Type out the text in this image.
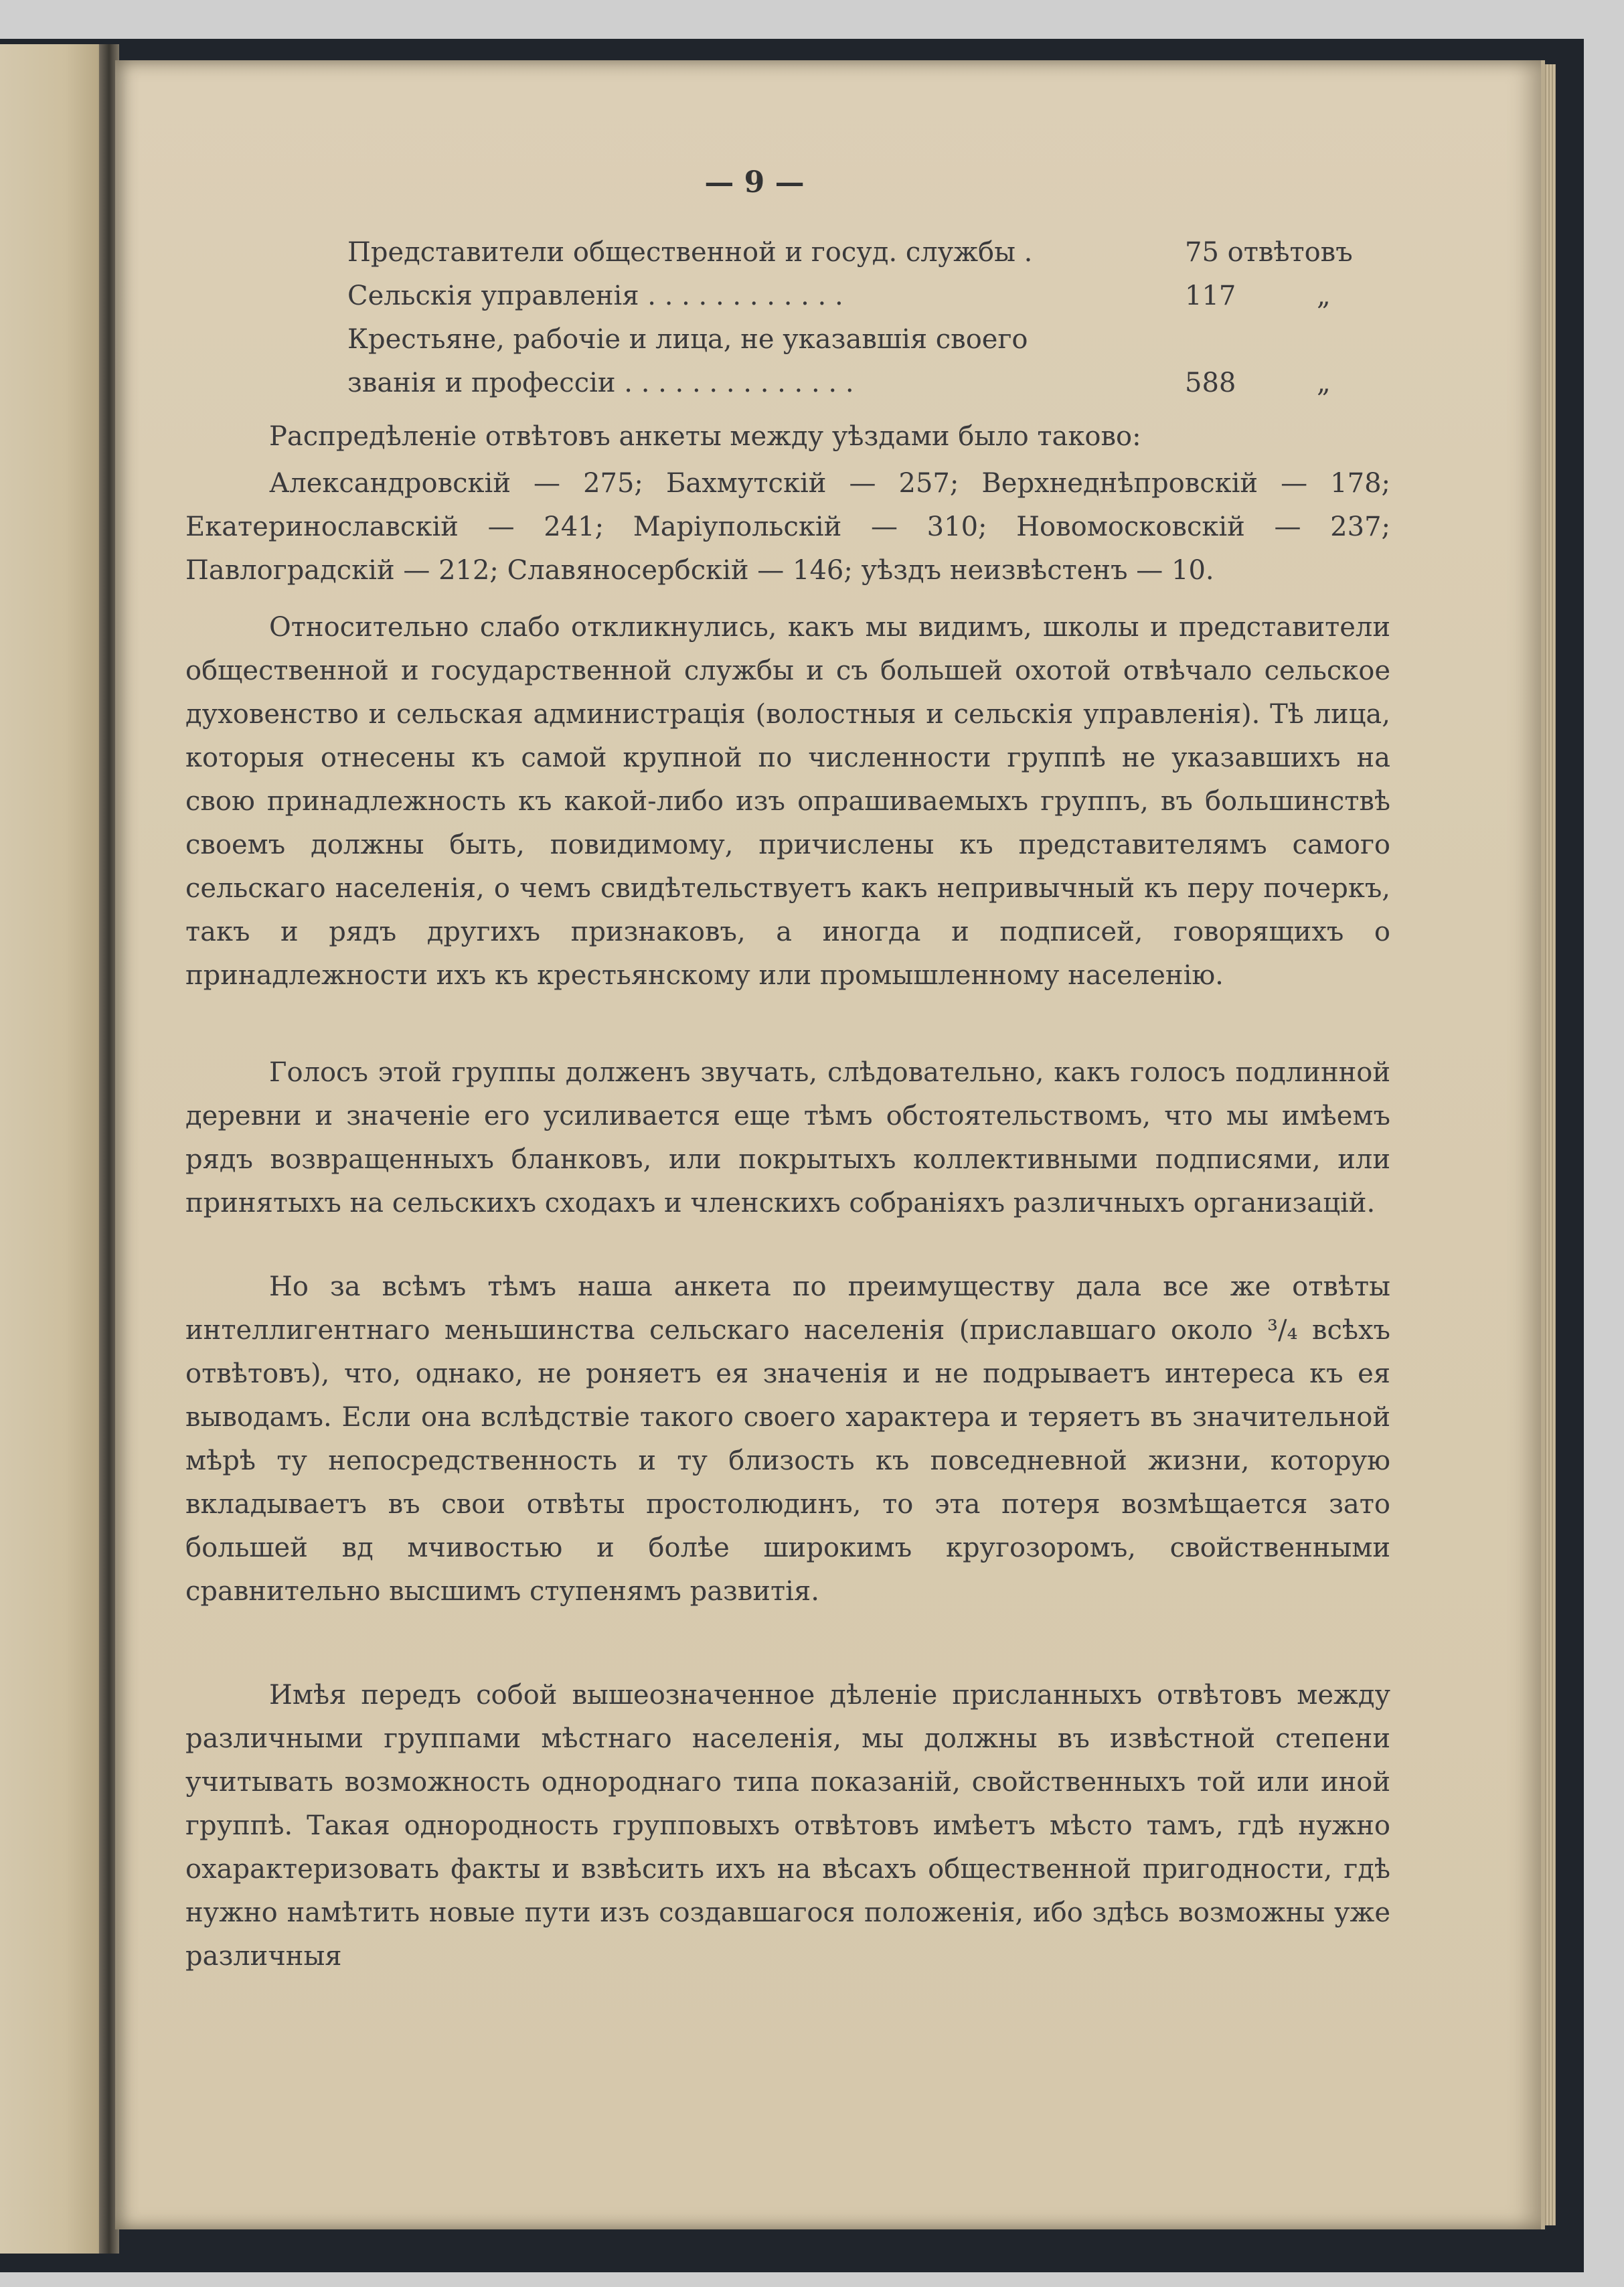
— 9 —
Представители общественной и госуд. службы .	75 отвѣтовъ
Сельскія управленія . . . . . . . . . . . .	117	„
Крестьяне, рабочіе и лица, не указавшія своего
званія и профессіи . . . . . . . . . . . . . .	588	„
Распредѣленіе отвѣтовъ анкеты между уѣздами было таково:
Александровскій — 275; Бахмутскій — 257; Верхнеднѣпровскій — 178; Екатеринославскій — 241; Маріупольскій — 310; Новомосковскій — 237; Павлоградскій — 212; Славяносербскій — 146; уѣздъ неизвѣстенъ — 10.
Относительно слабо откликнулись, какъ мы видимъ, школы и представители общественной и государственной службы и съ большей охотой отвѣчало сельское духовенство и сельская администрація (волостныя и сельскія управленія). Тѣ лица, которыя отнесены къ самой крупной по численности группѣ не указавшихъ на свою принадлежность къ какой-либо изъ опрашиваемыхъ группъ, въ большинствѣ своемъ должны быть, повидимому, причислены къ представителямъ самого сельскаго населенія, о чемъ свидѣтельствуетъ какъ непривычный къ перу почеркъ, такъ и рядъ другихъ признаковъ, а иногда и подписей, говорящихъ о принадлежности ихъ къ крестьянскому или промышленному населенію.
Голосъ этой группы долженъ звучать, слѣдовательно, какъ голосъ подлинной деревни и значеніе его усиливается еще тѣмъ обстоятельствомъ, что мы имѣемъ рядъ возвращенныхъ бланковъ, или покрытыхъ коллективными подписями, или принятыхъ на сельскихъ сходахъ и членскихъ собраніяхъ различныхъ организацій.
Но за всѣмъ тѣмъ наша анкета по преимуществу дала все же отвѣты интеллигентнаго меньшинства сельскаго населенія (приславшаго около ³/₄ всѣхъ отвѣтовъ), что, однако, не роняетъ ея значенія и не подрываетъ интереса къ ея выводамъ. Если она вслѣдствіе такого своего характера и теряетъ въ значительной мѣрѣ ту непосредственность и ту близость къ повседневной жизни, которую вкладываетъ въ свои отвѣты простолюдинъ, то эта потеря возмѣщается зато большей вд мчивостью и болѣе широкимъ кругозоромъ, свойственными сравнительно высшимъ ступенямъ развитія.
Имѣя передъ собой вышеозначенное дѣленіе присланныхъ отвѣтовъ между различными группами мѣстнаго населенія, мы должны въ извѣстной степени учитывать возможность однороднаго типа показаній, свойственныхъ той или иной группѣ. Такая однородность групповыхъ отвѣтовъ имѣетъ мѣсто тамъ, гдѣ нужно охарактеризовать факты и взвѣсить ихъ на вѣсахъ общественной пригодности, гдѣ нужно намѣтить новые пути изъ создавшагося положенія, ибо здѣсь возможны уже различныя
